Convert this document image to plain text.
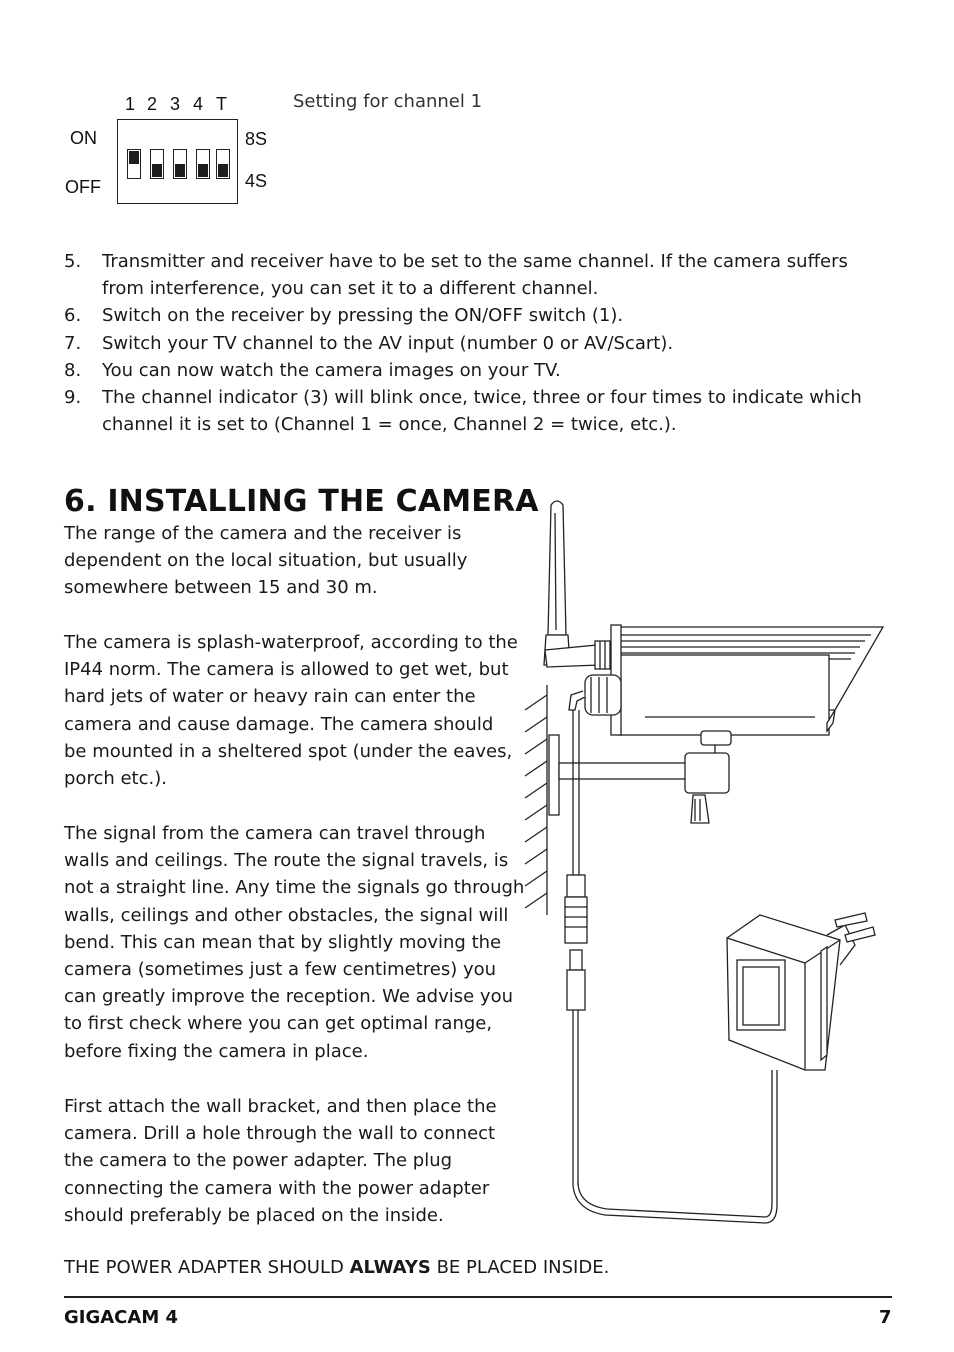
1 2 3 4 T
ON
OFF
8S
4S
Setting for channel 1
5. Transmitter and receiver have to be set to the same channel. If the camera suffers from interference, you can set it to a different channel.
6. Switch on the receiver by pressing the ON/OFF switch (1).
7. Switch your TV channel to the AV input (number 0 or AV/Scart).
8. You can now watch the camera images on your TV.
9. The channel indicator (3) will blink once, twice, three or four times to indicate which channel it is set to (Channel 1 = once, Channel 2 = twice, etc.).
6. INSTALLING THE CAMERA

The range of the camera and the receiver is dependent on the local situation, but usually somewhere between 15 and 30 m.

The camera is splash-waterproof, according to the IP44 norm. The camera is allowed to get wet, but hard jets of water or heavy rain can enter the camera and cause damage. The camera should be mounted in a sheltered spot (under the eaves, porch etc.).

The signal from the camera can travel through walls and ceilings. The route the signal travels, is not a straight line. Any time the signals go through walls, ceilings and other obstacles, the signal will bend. This can mean that by slightly moving the camera (sometimes just a few centimetres) you can greatly improve the reception. We advise you to first check where you can get optimal range, before fixing the camera in place.

First attach the wall bracket, and then place the camera. Drill a hole through the wall to connect the camera to the power adapter. The plug connecting the camera with the power adapter should preferably be placed on the inside.

THE POWER ADAPTER SHOULD ALWAYS BE PLACED INSIDE.
GIGACAM 4	7
